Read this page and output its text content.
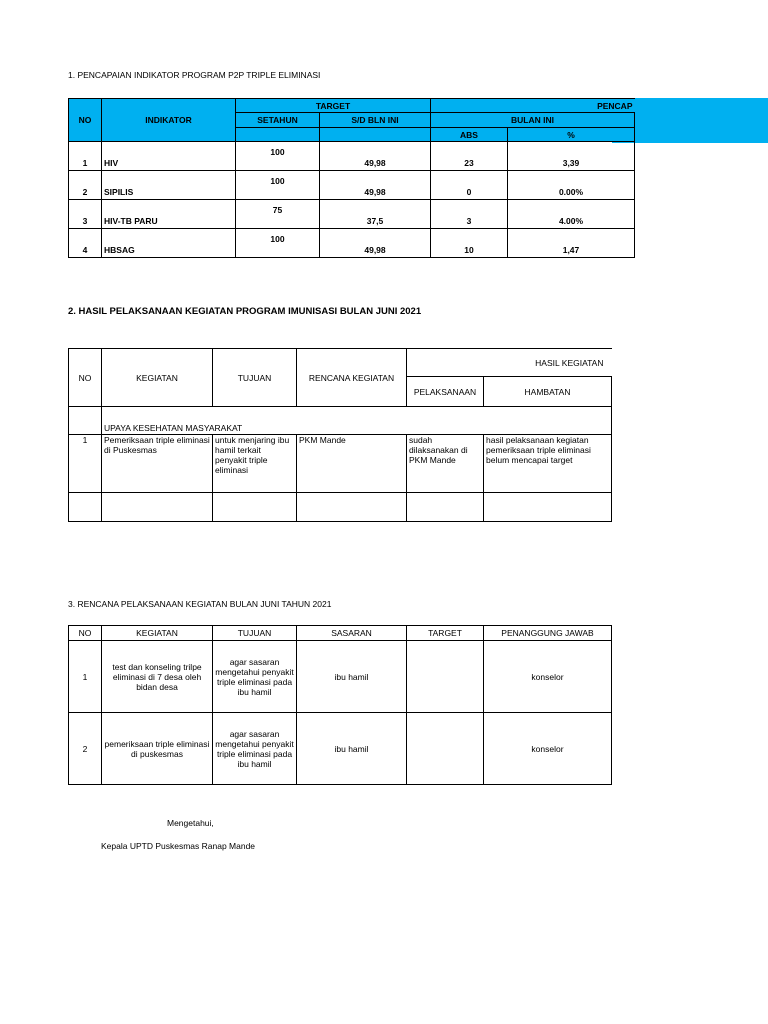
1. PENCAPAIAN INDIKATOR PROGRAM P2P TRIPLE ELIMINASI
NO	INDIKATOR	TARGET		PENCAP	
		SETAHUN	S/D BLN INI	BULAN INI	
				ABS	%
1	HIV	100	49,98	23	3,39
2	SIPILIS	100	49,98	0	0.00%
3	HIV-TB PARU	75	37,5	3	4.00%
4	HBSAG	100	49,98	10	1,47
2. HASIL PELAKSANAAN KEGIATAN PROGRAM IMUNISASI BULAN JUNI 2021
NO	KEGIATAN	TUJUAN	RENCANA KEGIATAN	HASIL KEGIATAN	
				PELAKSANAAN	HAMBATAN
	UPAYA KESEHATAN MASYARAKAT				
1	Pemeriksaan triple eliminasi di Puskesmas	untuk menjaring ibu hamil terkait penyakit triple eliminasi	PKM Mande	sudah dilaksanakan di PKM Mande	hasil pelaksanaan kegiatan pemeriksaan triple eliminasi belum mencapai target

3. RENCANA PELAKSANAAN KEGIATAN BULAN JUNI TAHUN 2021
NO	KEGIATAN	TUJUAN	SASARAN	TARGET	PENANGGUNG JAWAB
1	test dan konseling trilpe eliminasi di 7 desa oleh bidan desa	agar sasaran mengetahui penyakit triple eliminasi pada ibu hamil	ibu hamil		konselor
2	pemeriksaan triple eliminasi di puskesmas	agar sasaran mengetahui penyakit triple eliminasi pada ibu hamil	ibu hamil		konselor
Mengetahui,
Kepala UPTD Puskesmas Ranap Mande
